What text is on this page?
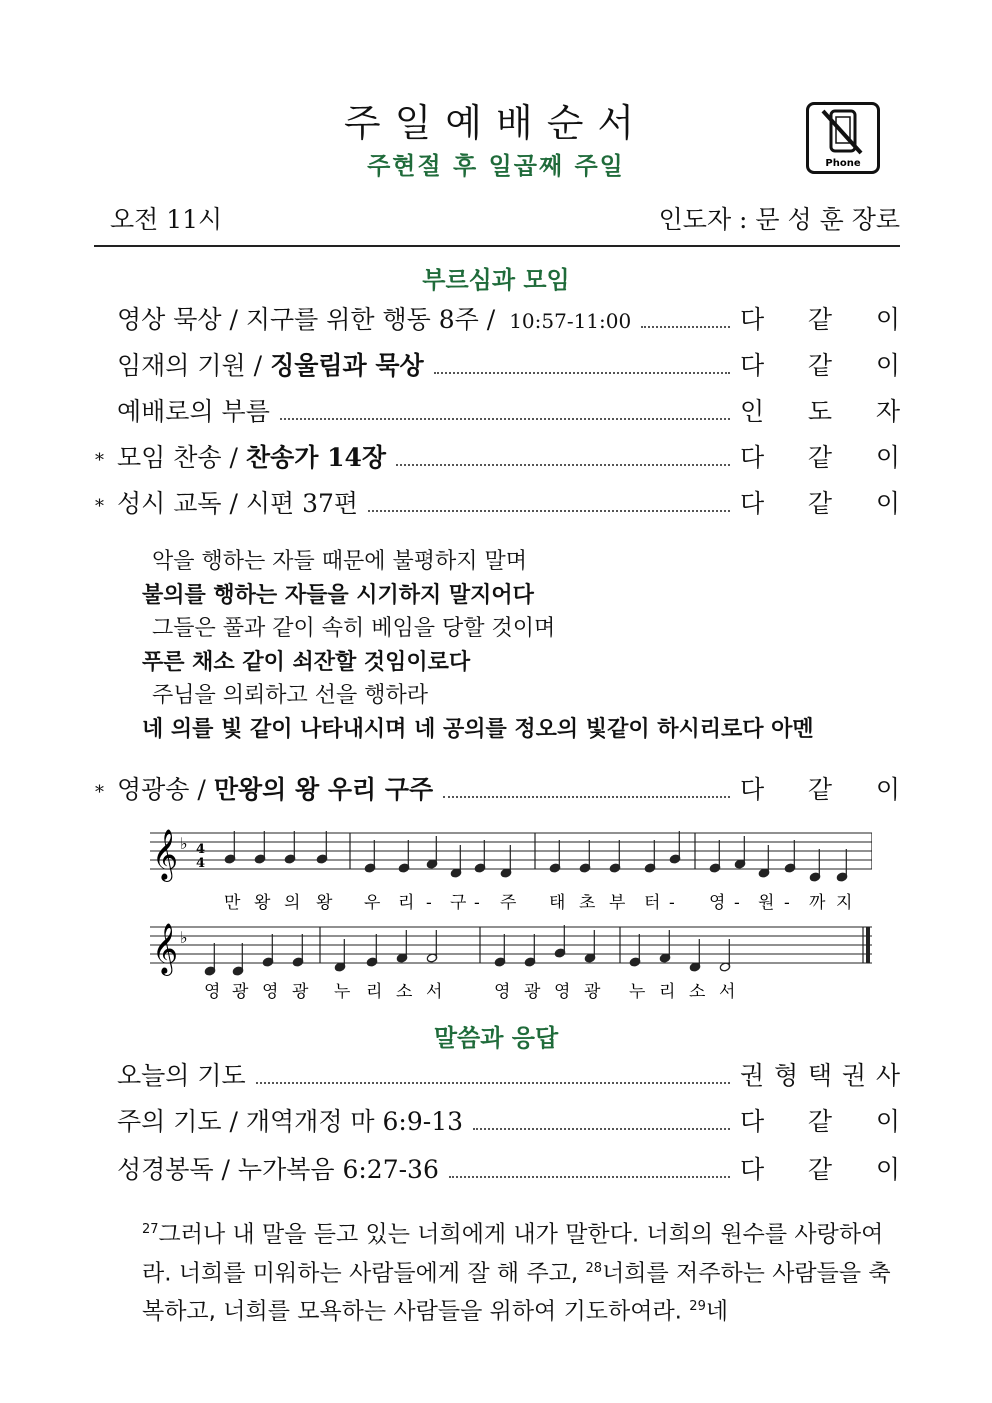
주일예배순서
주현절 후 일곱째 주일	Phone
오전 11시	인도자 : 문 성 훈 장로
부르심과 모임
영상 묵상 / 지구를 위한 행동 8주 / 10:57-11:00	다 같 이
임재의 기원 / 징울림과 묵상	다 같 이
예배로의 부름	인 도 자
* 모임 찬송 / 찬송가 14장	다 같 이
* 성시 교독 / 시편 37편	다 같 이
악을 행하는 자들 때문에 불평하지 말며
불의를 행하는 자들을 시기하지 말지어다
그들은 풀과 같이 속히 베임을 당할 것이며
푸른 채소 같이 쇠잔할 것임이로다
주님을 의뢰하고 선을 행하라
네 의를 빛 같이 나타내시며 네 공의를 정오의 빛같이 하시리로다 아멘
* 영광송 / 만왕의 왕 우리 구주	다 같 이
4
4
𝄞 ♭
𝄞 ♭
만 왕 의 왕 우 리 - 구 - 주 태 초 부 터 - 영 - 원 - 까 지
영 광 영 광 누 리 소 서	영 광 영 광 누 리 소 서
말씀과 응답
오늘의 기도	권 형 택 권 사
주의 기도 / 개역개정 마 6:9-13	다 같 이
성경봉독 / 누가복음 6:27-36	다 같 이
$^{27}$그러나 내 말을 듣고 있는 너희에게 내가 말한다. 너희의 원수를 사랑하여라. 너희를 미워하는 사람들에게 잘 해 주고, $^{28}$너희를 저주하는 사람들을 축복하고, 너희를 모욕하는 사람들을 위하여 기도하여라. $^{29}$네
